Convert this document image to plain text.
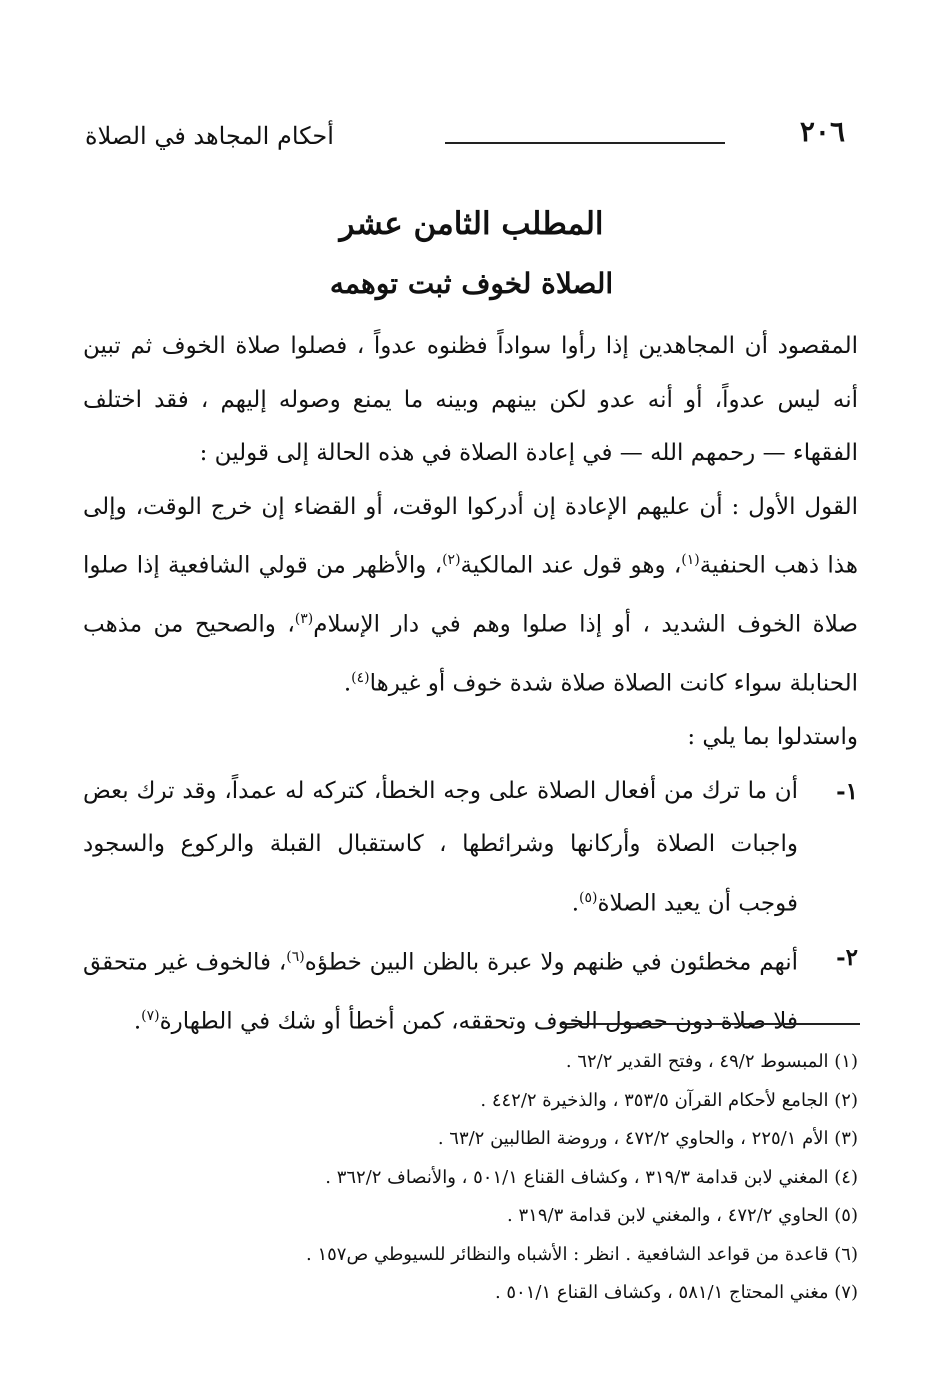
٢٠٦
أحكام المجاهد في الصلاة
المطلب الثامن عشر
الصلاة لخوف ثبت توهمه

المقصود أن المجاهدين إذا رأوا سواداً فظنوه عدواً ، فصلوا صلاة الخوف ثم تبين أنه ليس عدواً، أو أنه عدو لكن بينهم وبينه ما يمنع وصوله إليهم ، فقد اختلف الفقهاء — رحمهم الله — في إعادة الصلاة في هذه الحالة إلى قولين :

القول الأول : أن عليهم الإعادة إن أدركوا الوقت، أو القضاء إن خرج الوقت، وإلى هذا ذهب الحنفية$^{(١)}$، وهو قول عند المالكية$^{(٢)}$، والأظهر من قولي الشافعية إذا صلوا صلاة الخوف الشديد ، أو إذا صلوا وهم في دار الإسلام$^{(٣)}$، والصحيح من مذهب الحنابلة سواء كانت الصلاة صلاة شدة خوف أو غيرها$^{(٤)}$.

واستدلوا بما يلي :

١-
أن ما ترك من أفعال الصلاة على وجه الخطأ، كتركه له عمداً، وقد ترك بعض واجبات الصلاة وأركانها وشرائطها ، كاستقبال القبلة والركوع والسجود فوجب أن يعيد الصلاة$^{(٥)}$.
٢-
أنهم مخطئون في ظنهم ولا عبرة بالظن البين خطؤه$^{(٦)}$، فالخوف غير متحقق فلا صلاة دون حصول الخوف وتحققه، كمن أخطأ أو شك في الطهارة$^{(٧)}$.

(١) المبسوط ٤٩/٢ ، وفتح القدير ٦٢/٢ .

(٢) الجامع لأحكام القرآن ٣٥٣/٥ ، والذخيرة ٤٤٢/٢ .

(٣) الأم ٢٢٥/١ ، والحاوي ٤٧٢/٢ ، وروضة الطالبين ٦٣/٢ .

(٤) المغني لابن قدامة ٣١٩/٣ ، وكشاف القناع ٥٠١/١ ، والأنصاف ٣٦٢/٢ .

(٥) الحاوي ٤٧٢/٢ ، والمغني لابن قدامة ٣١٩/٣ .

(٦) قاعدة من قواعد الشافعية . انظر : الأشباه والنظائر للسيوطي ص١٥٧ .

(٧) مغني المحتاج ٥٨١/١ ، وكشاف القناع ٥٠١/١ .
